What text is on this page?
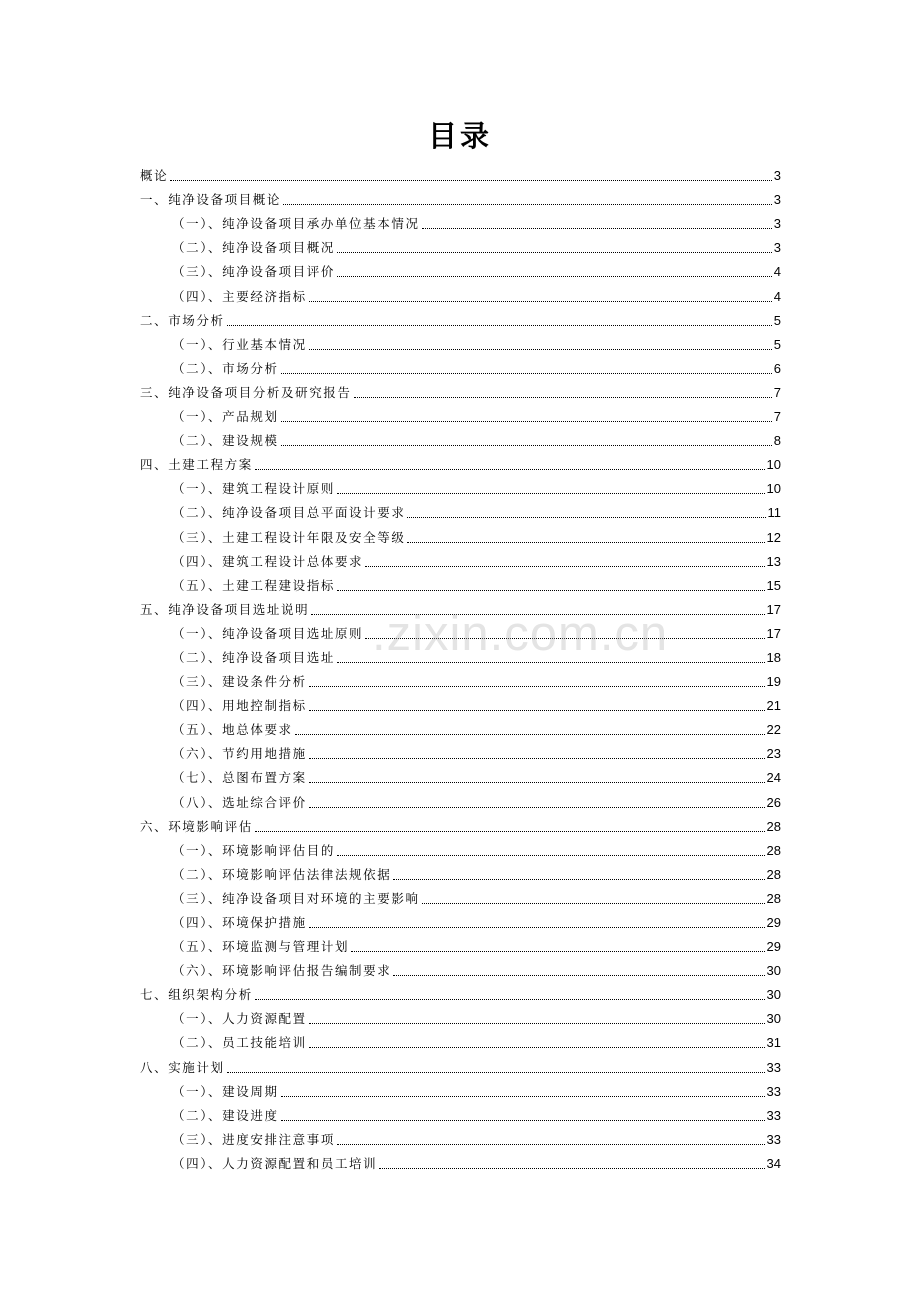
目录
概论	3
一、纯净设备项目概论	3
（一）、纯净设备项目承办单位基本情况	3
（二）、纯净设备项目概况	3
（三）、纯净设备项目评价	4
（四）、主要经济指标	4
二、市场分析	5
（一）、行业基本情况	5
（二）、市场分析	6
三、纯净设备项目分析及研究报告	7
（一）、产品规划	7
（二）、建设规模	8
四、土建工程方案	10
（一）、建筑工程设计原则	10
（二）、纯净设备项目总平面设计要求	11
（三）、土建工程设计年限及安全等级	12
（四）、建筑工程设计总体要求	13
（五）、土建工程建设指标	15
五、纯净设备项目选址说明	17
（一）、纯净设备项目选址原则	17
（二）、纯净设备项目选址	18
（三）、建设条件分析	19
（四）、用地控制指标	21
（五）、地总体要求	22
（六）、节约用地措施	23
（七）、总图布置方案	24
（八）、选址综合评价	26
六、环境影响评估	28
（一）、环境影响评估目的	28
（二）、环境影响评估法律法规依据	28
（三）、纯净设备项目对环境的主要影响	28
（四）、环境保护措施	29
（五）、环境监测与管理计划	29
（六）、环境影响评估报告编制要求	30
七、组织架构分析	30
（一）、人力资源配置	30
（二）、员工技能培训	31
八、实施计划	33
（一）、建设周期	33
（二）、建设进度	33
（三）、进度安排注意事项	33
（四）、人力资源配置和员工培训	34
.zixin.com.cn
